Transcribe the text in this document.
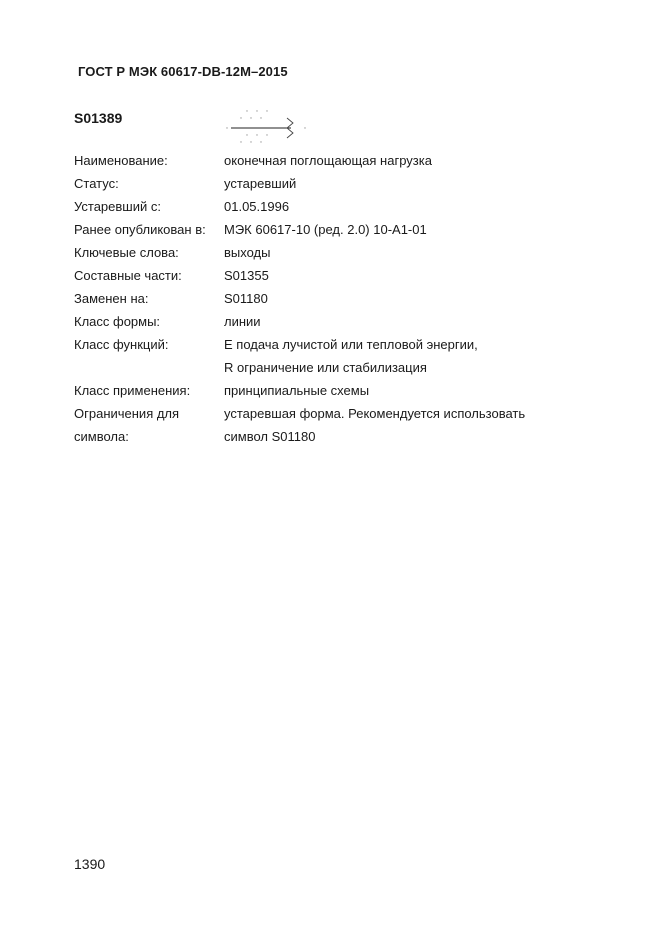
ГОСТ Р МЭК 60617-DB-12M–2015
S01389
Наименование:	оконечная поглощающая нагрузка
Статус:	устаревший
Устаревший с:	01.05.1996
Ранее опубликован в:	МЭК 60617-10 (ред. 2.0) 10-А1-01
Ключевые слова:	выходы
Составные части:	S01355
Заменен на:	S01180
Класс формы:	линии
Класс функций:	Е подача лучистой или тепловой энергии,
R ограничение или стабилизация
Класс применения:	принципиальные схемы
Ограничения для	устаревшая форма. Рекомендуется использовать
символа:	символ S01180
1390
